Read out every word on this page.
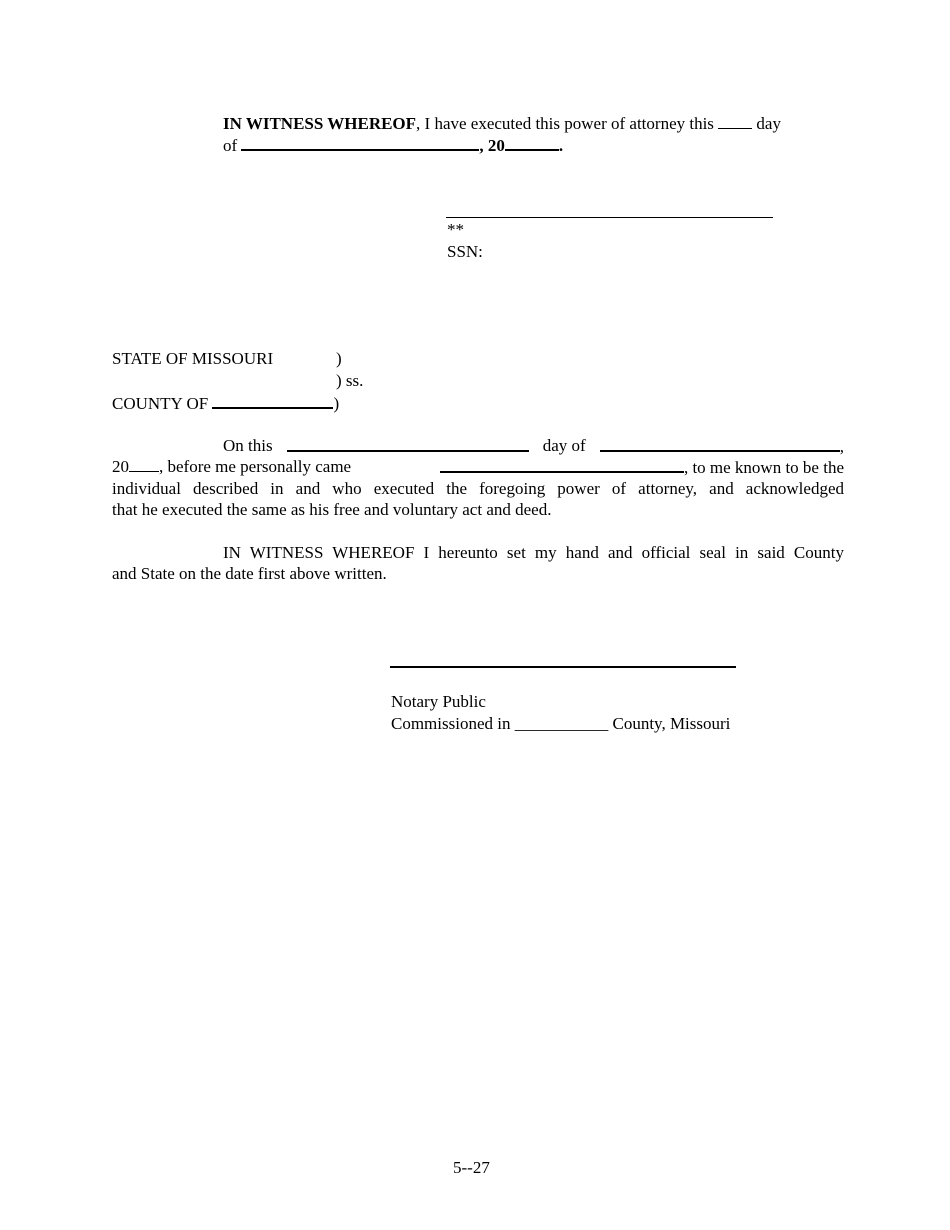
IN WITNESS WHEREOF, I have executed this power of attorney this	day
of	, 20	.
**
SSN:
STATE OF MISSOURI	)
) ss.
COUNTY OF	)
On this	day of	,
20 , before me personally came	, to me known to be the
individual described in and who executed the foregoing power of attorney, and acknowledged
that he executed the same as his free and voluntary act and deed.
IN WITNESS WHEREOF I hereunto set my hand and official seal in said County
and State on the date first above written.
Notary Public
Commissioned in ___________ County, Missouri
5--27
